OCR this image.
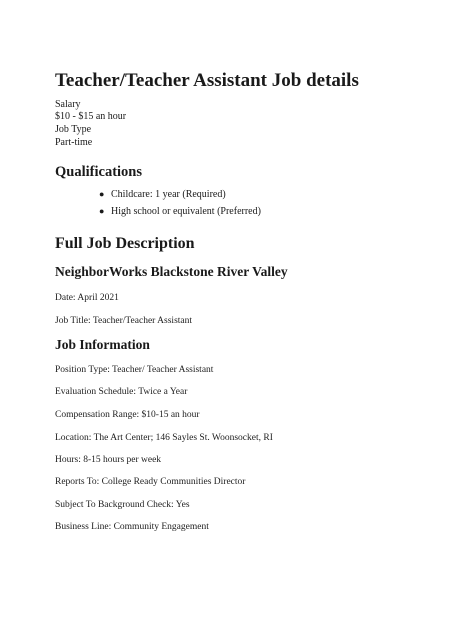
Teacher/Teacher Assistant Job details
Salary
$10 - $15 an hour
Job Type
Part-time
Qualifications
● Childcare: 1 year (Required)
● High school or equivalent (Preferred)
Full Job Description
NeighborWorks Blackstone River Valley
Date: April 2021
Job Title: Teacher/Teacher Assistant
Job Information
Position Type: Teacher/ Teacher Assistant
Evaluation Schedule: Twice a Year
Compensation Range: $10-15 an hour
Location: The Art Center; 146 Sayles St. Woonsocket, RI
Hours: 8-15 hours per week
Reports To: College Ready Communities Director
Subject To Background Check: Yes
Business Line: Community Engagement
